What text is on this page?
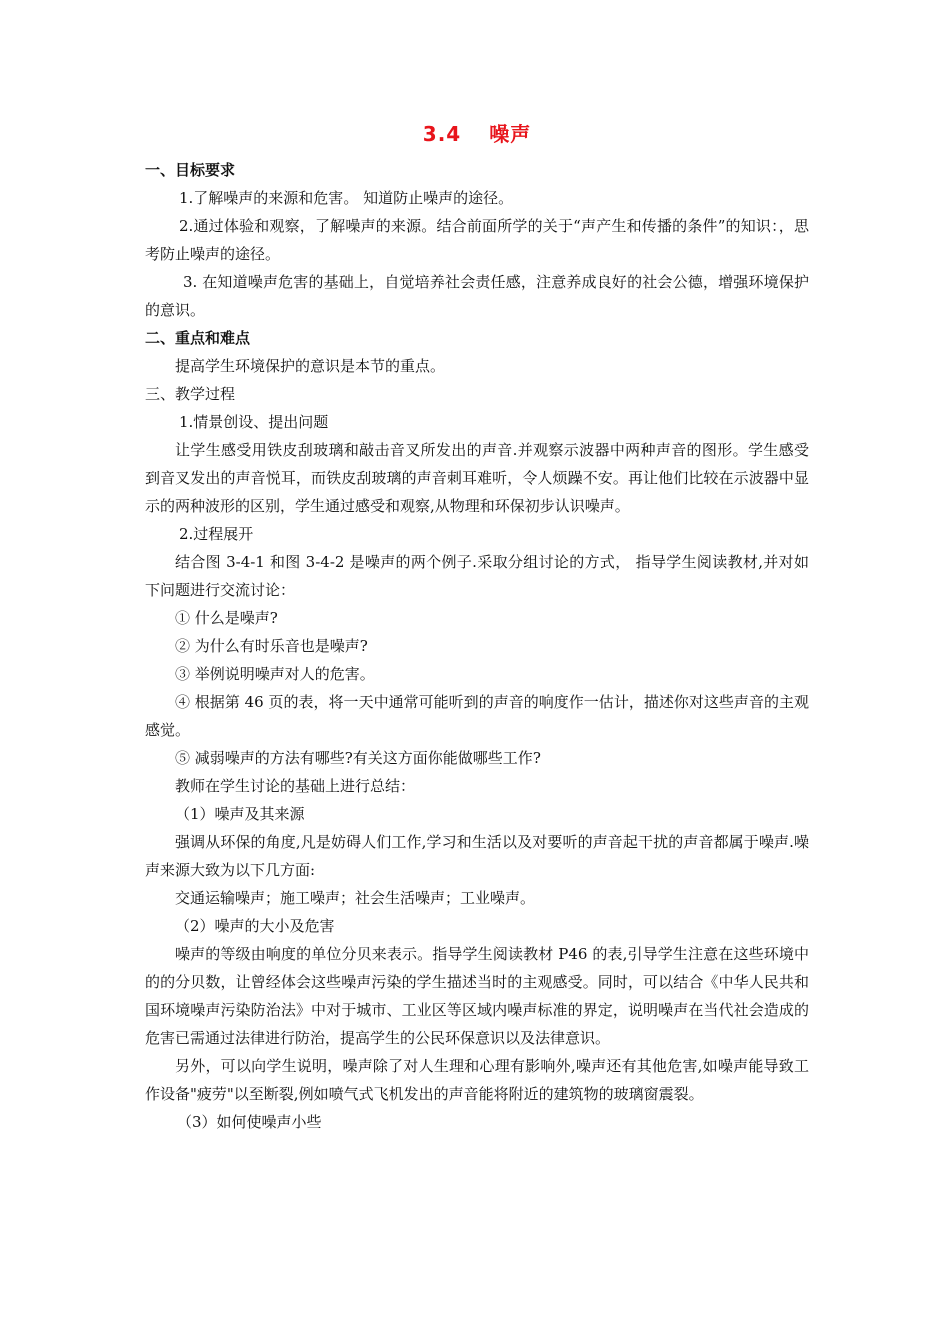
3.4 噪声
一、目标要求

1.了解噪声的来源和危害。 知道防止噪声的途径。

2.通过体验和观察，了解噪声的来源。结合前面所学的关于“声产生和传播的条件”的知识：，思考防止噪声的途径。

3. 在知道噪声危害的基础上，自觉培养社会责任感，注意养成良好的社会公德，增强环境保护的意识。

二、重点和难点

提高学生环境保护的意识是本节的重点。

三、教学过程

1.情景创设、提出问题

让学生感受用铁皮刮玻璃和敲击音叉所发出的声音.并观察示波器中两种声音的图形。学生感受到音叉发出的声音悦耳，而铁皮刮玻璃的声音刺耳难听，令人烦躁不安。再让他们比较在示波器中显示的两种波形的区别，学生通过感受和观察,从物理和环保初步认识噪声。

2.过程展开

结合图 3-4-1 和图 3-4-2 是噪声的两个例子.采取分组讨论的方式， 指导学生阅读教材,并对如下问题进行交流讨论：

① 什么是噪声?

② 为什么有时乐音也是噪声?

③ 举例说明噪声对人的危害。

④ 根据第 46 页的表，将一天中通常可能听到的声音的响度作一估计，描述你对这些声音的主观感觉。

⑤ 减弱噪声的方法有哪些?有关这方面你能做哪些工作?

教师在学生讨论的基础上进行总结：

（1）噪声及其来源

强调从环保的角度,凡是妨碍人们工作,学习和生活以及对要听的声音起干扰的声音都属于噪声.噪声来源大致为以下几方面:

交通运输噪声；施工噪声；社会生活噪声；工业噪声。

（2）噪声的大小及危害

噪声的等级由响度的单位分贝来表示。指导学生阅读教材 P46 的表,引导学生注意在这些环境中的的分贝数，让曾经体会这些噪声污染的学生描述当时的主观感受。同时，可以结合《中华人民共和国环境噪声污染防治法》中对于城市、工业区等区域内噪声标准的界定，说明噪声在当代社会造成的危害已需通过法律进行防治，提高学生的公民环保意识以及法律意识。

另外，可以向学生说明，噪声除了对人生理和心理有影响外,噪声还有其他危害,如噪声能导致工作设备"疲劳"以至断裂,例如喷气式飞机发出的声音能将附近的建筑物的玻璃窗震裂。

（3）如何使噪声小些
